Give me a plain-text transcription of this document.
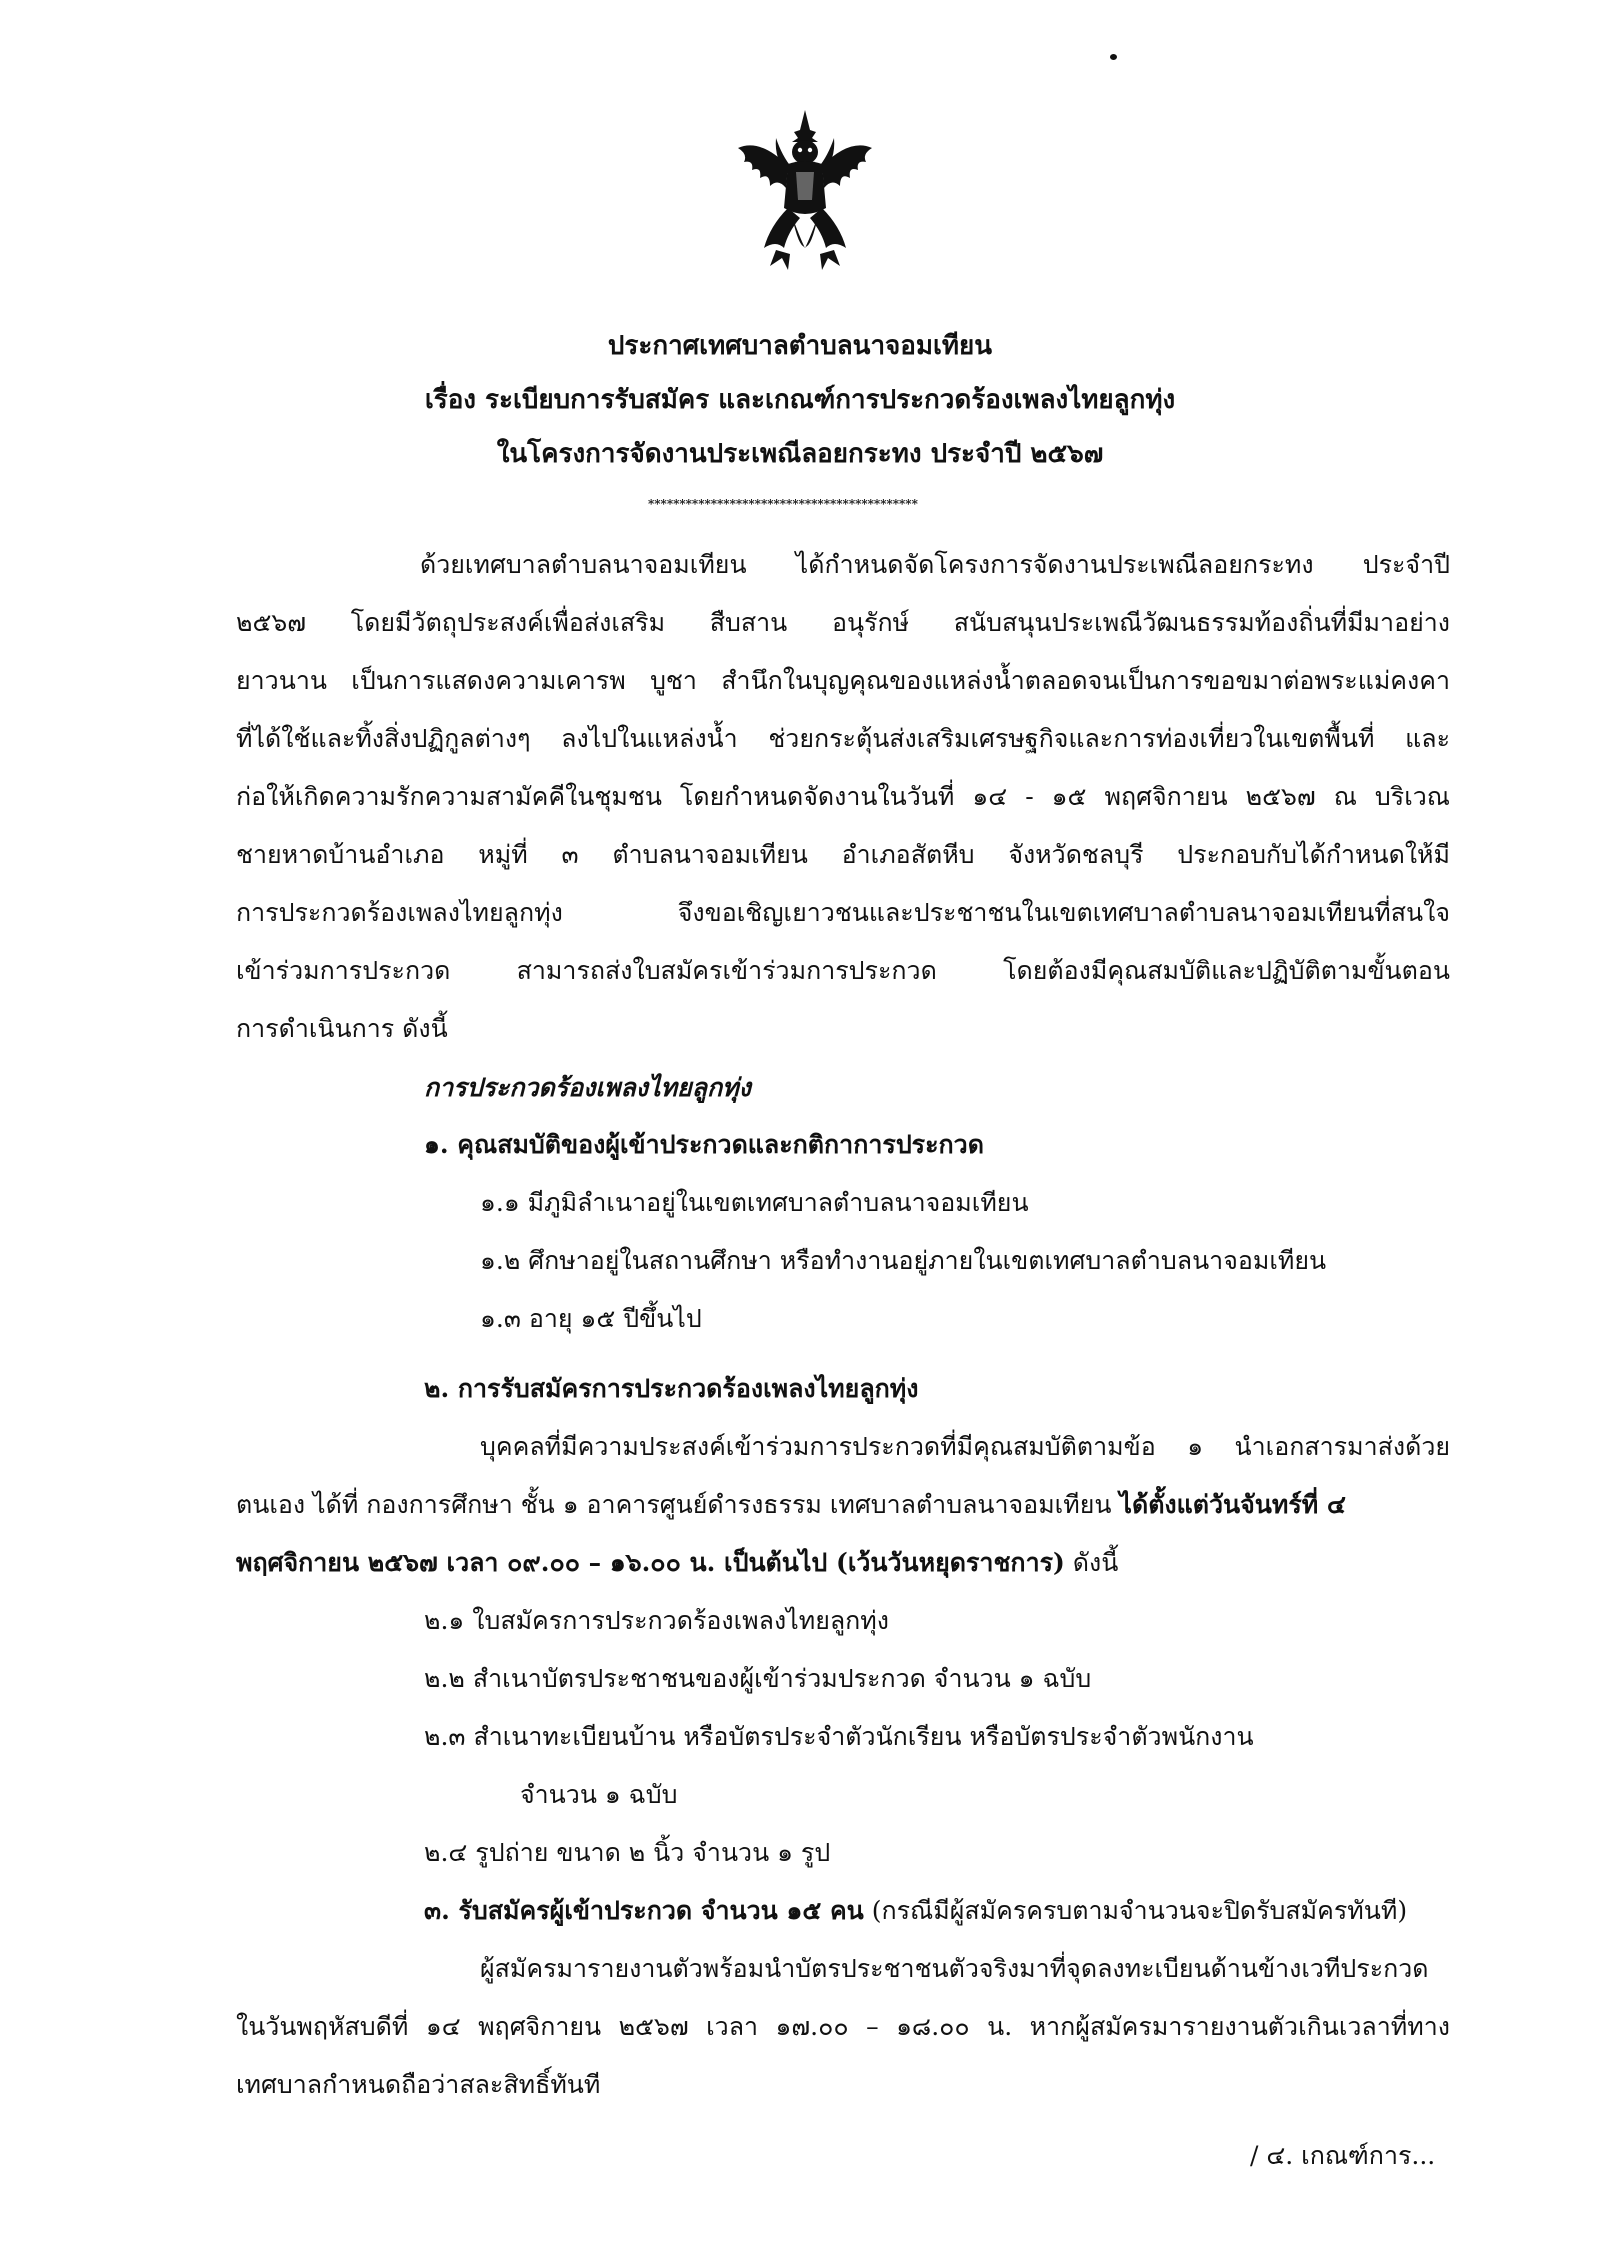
ประกาศเทศบาลตำบลนาจอมเทียน
เรื่อง ระเบียบการรับสมัคร และเกณฑ์การประกวดร้องเพลงไทยลูกทุ่ง
ในโครงการจัดงานประเพณีลอยกระทง ประจำปี ๒๕๖๗
*******************************************
ด้วยเทศบาลตำบลนาจอมเทียน ได้กำหนดจัดโครงการจัดงานประเพณีลอยกระทง ประจำปี
๒๕๖๗ โดยมีวัตถุประสงค์เพื่อส่งเสริม สืบสาน อนุรักษ์ สนับสนุนประเพณีวัฒนธรรมท้องถิ่นที่มีมาอย่าง
ยาวนาน เป็นการแสดงความเคารพ บูชา สำนึกในบุญคุณของแหล่งน้ำตลอดจนเป็นการขอขมาต่อพระแม่คงคา
ที่ได้ใช้และทิ้งสิ่งปฏิกูลต่างๆ ลงไปในแหล่งน้ำ ช่วยกระตุ้นส่งเสริมเศรษฐกิจและการท่องเที่ยวในเขตพื้นที่ และ
ก่อให้เกิดความรักความสามัคคีในชุมชน โดยกำหนดจัดงานในวันที่ ๑๔ - ๑๕ พฤศจิกายน ๒๕๖๗ ณ บริเวณ
ชายหาดบ้านอำเภอ หมู่ที่ ๓ ตำบลนาจอมเทียน อำเภอสัตหีบ จังหวัดชลบุรี ประกอบกับได้กำหนดให้มี
การประกวดร้องเพลงไทยลูกทุ่ง จึงขอเชิญเยาวชนและประชาชนในเขตเทศบาลตำบลนาจอมเทียนที่สนใจ
เข้าร่วมการประกวด สามารถส่งใบสมัครเข้าร่วมการประกวด โดยต้องมีคุณสมบัติและปฏิบัติตามขั้นตอน
การดำเนินการ ดังนี้
การประกวดร้องเพลงไทยลูกทุ่ง
๑. คุณสมบัติของผู้เข้าประกวดและกติกาการประกวด
๑.๑ มีภูมิลำเนาอยู่ในเขตเทศบาลตำบลนาจอมเทียน
๑.๒ ศึกษาอยู่ในสถานศึกษา หรือทำงานอยู่ภายในเขตเทศบาลตำบลนาจอมเทียน
๑.๓ อายุ ๑๕ ปีขึ้นไป
๒. การรับสมัครการประกวดร้องเพลงไทยลูกทุ่ง
บุคคลที่มีความประสงค์เข้าร่วมการประกวดที่มีคุณสมบัติตามข้อ ๑ นำเอกสารมาส่งด้วย
ตนเอง ได้ที่ กองการศึกษา ชั้น ๑ อาคารศูนย์ดำรงธรรม เทศบาลตำบลนาจอมเทียน ได้ตั้งแต่วันจันทร์ที่ ๔
พฤศจิกายน ๒๕๖๗ เวลา ๐๙.๐๐ – ๑๖.๐๐ น. เป็นต้นไป (เว้นวันหยุดราชการ) ดังนี้
๒.๑ ใบสมัครการประกวดร้องเพลงไทยลูกทุ่ง
๒.๒ สำเนาบัตรประชาชนของผู้เข้าร่วมประกวด จำนวน ๑ ฉบับ
๒.๓ สำเนาทะเบียนบ้าน หรือบัตรประจำตัวนักเรียน หรือบัตรประจำตัวพนักงาน
จำนวน ๑ ฉบับ
๒.๔ รูปถ่าย ขนาด ๒ นิ้ว จำนวน ๑ รูป
๓. รับสมัครผู้เข้าประกวด จำนวน ๑๕ คน (กรณีมีผู้สมัครครบตามจำนวนจะปิดรับสมัครทันที)
ผู้สมัครมารายงานตัวพร้อมนำบัตรประชาชนตัวจริงมาที่จุดลงทะเบียนด้านข้างเวทีประกวด
ในวันพฤหัสบดีที่ ๑๔ พฤศจิกายน ๒๕๖๗ เวลา ๑๗.๐๐ – ๑๘.๐๐ น. หากผู้สมัครมารายงานตัวเกินเวลาที่ทาง
เทศบาลกำหนดถือว่าสละสิทธิ์ทันที
/ ๔. เกณฑ์การ...
